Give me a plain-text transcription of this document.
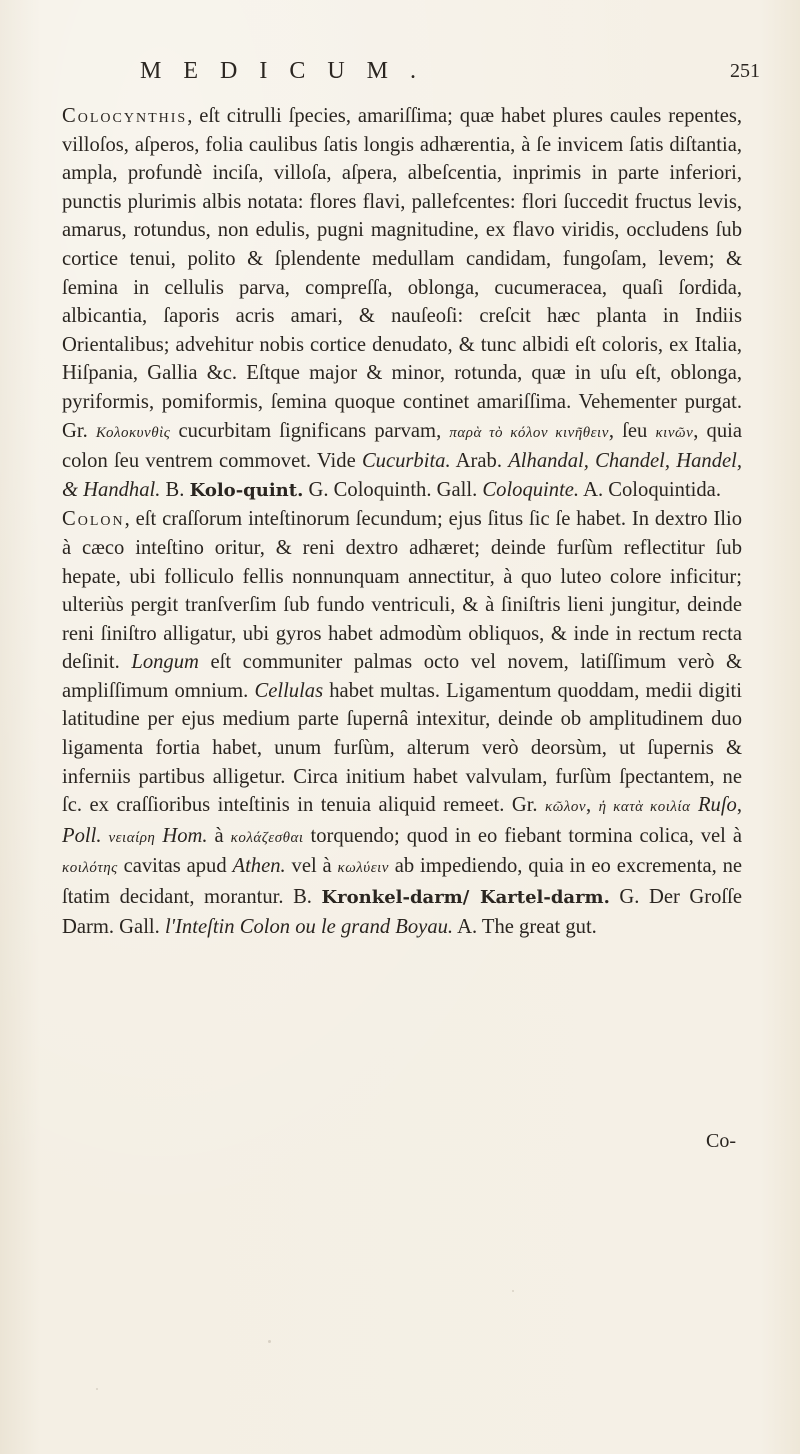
MEDICUM.	251

Colocynthis, eſt citrulli ſpecies, amariſſima; quæ habet plures caules repentes, villoſos, aſperos, folia caulibus ſatis longis adhærentia, à ſe invicem ſatis diſtantia, ampla, profundè inciſa, villoſa, aſpera, albeſcentia, inprimis in parte inferiori, punctis plurimis albis notata: flores flavi, pallefcentes: flori ſuccedit fructus levis, amarus, rotundus, non edulis, pugni magnitudine, ex flavo viridis, occludens ſub cortice tenui, polito & ſplendente medullam candidam, fungoſam, levem; & ſemina in cellulis parva, compreſſa, oblonga, cucumeracea, quaſi ſordida, albicantia, ſaporis acris amari, & nauſeoſi: creſcit hæc planta in Indiis Orientalibus; advehitur nobis cortice denudato, & tunc albidi eſt coloris, ex Italia, Hiſpania, Gallia &c. Eſtque major & minor, rotunda, quæ in uſu eſt, oblonga, pyriformis, pomiformis, ſemina quoque continet amariſſima. Vehementer purgat. Gr. Κολοκυνθὶς cucurbitam ſignificans parvam, παρὰ τὸ κόλον κινῆθειν, ſeu κινῶν, quia colon ſeu ventrem commovet. Vide Cucurbita. Arab. Alhandal, Chandel, Handel, & Handhal. B. Kolo-quint. G. Coloquinth. Gall. Coloquinte. A. Coloquintida.

Colon, eſt craſſorum inteſtinorum ſecundum; ejus ſitus ſic ſe habet. In dextro Ilio à cæco inteſtino oritur, & reni dextro adhæret; deinde furſùm reflectitur ſub hepate, ubi folliculo fellis nonnunquam annectitur, à quo luteo colore inficitur; ulteriùs pergit tranſverſim ſub fundo ventriculi, & à ſiniſtris lieni jungitur, deinde reni ſiniſtro alligatur, ubi gyros habet admodùm obliquos, & inde in rectum recta deſinit. Longum eſt communiter palmas octo vel novem, latiſſimum verò & ampliſſimum omnium. Cellulas habet multas. Ligamentum quoddam, medii digiti latitudine per ejus medium parte ſupernâ intexitur, deinde ob amplitudinem duo ligamenta fortia habet, unum furſùm, alterum verò deorsùm, ut ſupernis & inferniis partibus alligetur. Circa initium habet valvulam, furſùm ſpectantem, ne ſc. ex craſſioribus inteſtinis in tenuia aliquid remeet. Gr. κῶλον, ἡ κατὰ κοιλία Ruſo, Poll. νειαίρη Hom. à κολάζεσθαι torquendo; quod in eo fiebant tormina colica, vel à κοιλότης cavitas apud Athen. vel à κωλύειν ab impediendo, quia in eo excrementa, ne ſtatim decidant, morantur. B. Kronkel-darm/ Kartel-darm. G. Der Groſſe Darm. Gall. l'Inteſtin Colon ou le grand Boyau. A. The great gut.

Co-
